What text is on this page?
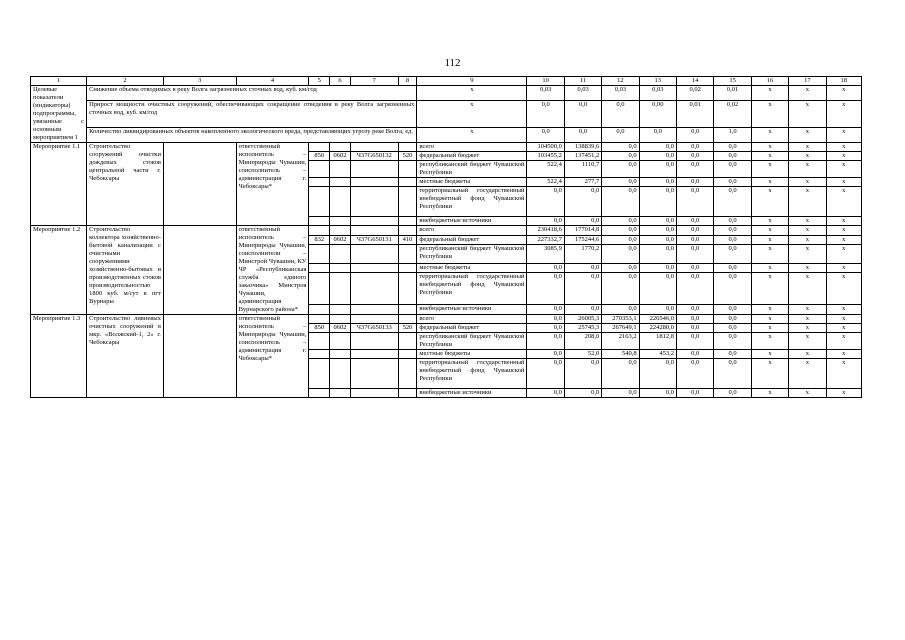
112
1	2	3	4	5	6	7	8	9	10	11	12	13	14	15	16	17	18
Целевые показатели (индикаторы) подпрограммы, увязанные с основным мероприятием 1	Снижение объема отводимых в реку Волга загрязненных сточных вод, куб. км/год							x	0,03	0,03	0,03	0,03	0,02	0,01	x	x	x
	Прирост мощности очистных сооружений, обеспечивающих сокращение отведения в реку Волга загрязненных сточных вод, куб. км/год							x	0,0	0,0	0,0	0,00	0,01	0,02	x	x	x
	Количество ликвидированных объектов накопленного экологического вреда, представляющих угрозу реке Волга, ед.							x	0,0	0,0	0,0	0,0	0,0	1,0	x	x	x
Мероприятие 1.1	Строительство сооружений очистки дождевых стоков центральной части г. Чебоксары		ответственный исполнитель – Минприроды Чувашии, соисполнитель – администрация г. Чебоксары*					всего	104500,0	138839,6	0,0	0,0	0,0	0,0	x	x	x
				850	0602	Ч37G650132	520	федеральный бюджет	103455,2	137451,2	0,0	0,0	0,0	0,0	x	x	x
								республиканский бюджет Чувашской Республики	522,4	1110,7	0,0	0,0	0,0	0,0	x	x	x
								местные бюджеты	522,4	277,7	0,0	0,0	0,0	0,0	x	x	x
								территориальный государственный внебюджетный фонд Чувашской Республики	0,0	0,0	0,0	0,0	0,0	0,0	x	x	x
								внебюджетные источники	0,0	0,0	0,0	0,0	0,0	0,0	x	x	x
Мероприятие 1.2	Строительство коллектора хозяйственно-бытовой канализации с очистными сооружениями хозяйственно-бытовых и производственных стоков производительностью 1800 куб. м/сут в пгт Вурнары		ответственный исполнитель – Минприроды Чувашии, соисполнители – Минстрой Чувашии, КУ ЧР «Республиканская служба единого заказчика» Минстроя Чувашии, администрация Вурнарского района*					всего	230418,6	177014,8	0,0	0,0	0,0	0,0	x	x	x
				832	0602	Ч37G650131	410	федеральный бюджет	227332,7	175244,6	0,0	0,0	0,0	0,0	x	x	x
								республиканский бюджет Чувашской Республики	3085,9	1770,2	0,0	0,0	0,0	0,0	x	x	x
								местные бюджеты	0,0	0,0	0,0	0,0	0,0	0,0	x	x	x
								территориальный государственный внебюджетный фонд Чувашской Республики	0,0	0,0	0,0	0,0	0,0	0,0	x	x	x
								внебюджетные источники	0,0	0,0	0,0	0,0	0,0	0,0	x	x	x
Мероприятие 1.3	Строительство ливневых очистных сооружений в мкр. «Волжский-1, 2» г. Чебоксары		ответственный исполнитель – Минприроды Чувашии, соисполнитель – администрация г. Чебоксары*					всего	0,0	26005,3	270353,1	226546,0	0,0	0,0	x	x	x
				850	0602	Ч37G650133	520	федеральный бюджет	0,0	25745,3	267649,1	224280,0	0,0	0,0	x	x	x
								республиканский бюджет Чувашской Республики	0,0	208,0	2163,2	1812,8	0,0	0,0	x	x	x
								местные бюджеты	0,0	52,0	540,8	453,2	0,0	0,0	x	x	x
								территориальный государственный внебюджетный фонд Чувашской Республики	0,0	0,0	0,0	0,0	0,0	0,0	x	x	x
								внебюджетные источники	0,0	0,0	0,0	0,0	0,0	0,0	x	x	x
